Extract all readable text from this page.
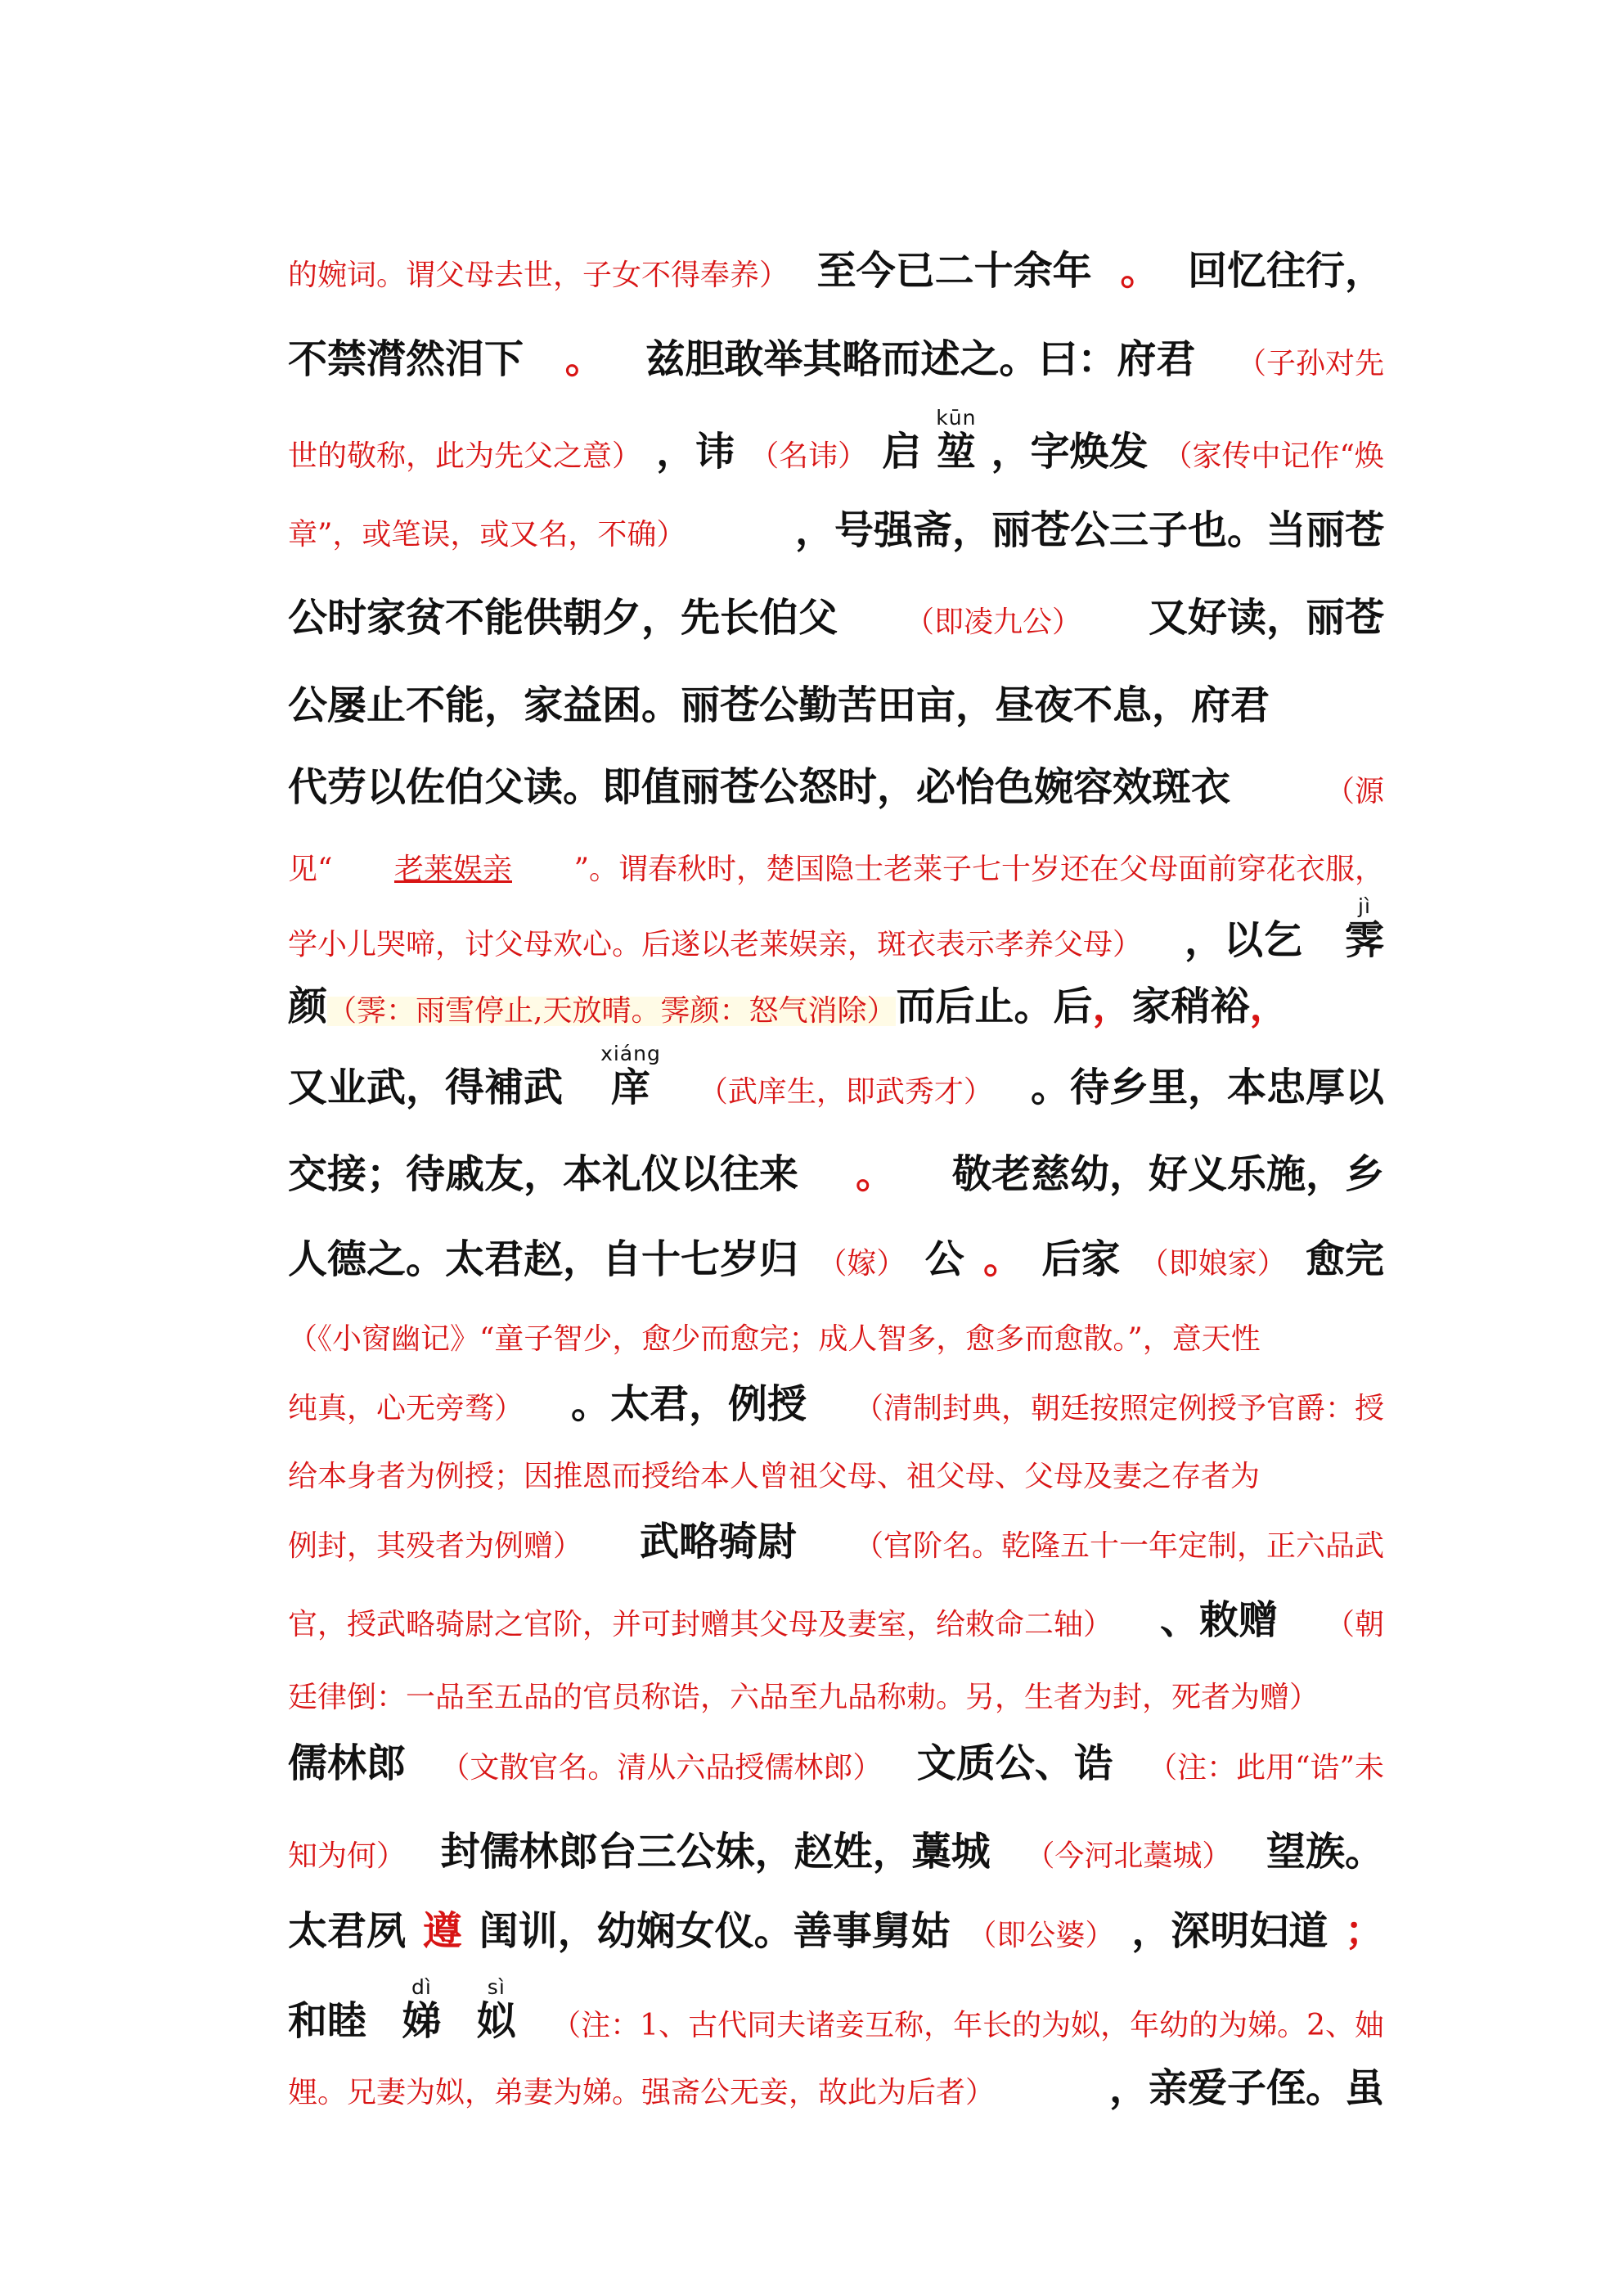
的婉词。谓父母去世，子女不得奉养） 至今已二十余年 。 回忆往行，
不禁潸然泪下 。 兹胆敢举其略而述之。曰：府君 （子孙对先
世的敬称，此为先父之意） ，讳 （名讳） 启 堃kūn
，字焕发 （家传中记作“焕
章”，或笔误，或又名，不确）	，号强斋，丽苍公三子也。当丽苍
公时家贫不能供朝夕，先长伯父 （即凌九公） 又好读，丽苍
公屡止不能，家益困。丽苍公勤苦田亩，昼夜不息，府君
代劳以佐伯父读。即值丽苍公怒时，必怡色婉容效斑衣	（源
见“ 老莱娱亲 ”。谓春秋时，楚国隐士老莱子七十岁还在父母面前穿花衣服，
学小儿哭啼，讨父母欢心。后遂以老莱娱亲，斑衣表示孝养父母） ，以乞 霁jì
颜 （霁：雨雪停止,天放晴。霁颜：怒气消除） 而后止。后 ， 家稍裕 ，
又业武，得補武 庠xiáng
（武庠生，即武秀才） 。待乡里，本忠厚以
交接；待戚友，本礼仪以往来 。 敬老慈幼，好义乐施，乡
人德之。太君赵，自十七岁归 （嫁） 公 。 后家 （即娘家） 愈完
（《小窗幽记》“童子智少，愈少而愈完；成人智多，愈多而愈散。”，意天性
纯真，心无旁骛） 。太君，例授 （清制封典，朝廷按照定例授予官爵：授
给本身者为例授；因推恩而授给本人曾祖父母、祖父母、父母及妻之存者为
例封，其殁者为例赠） 武略骑尉 （官阶名。乾隆五十一年定制，正六品武
官，授武略骑尉之官阶，并可封赠其父母及妻室，给敕命二轴） 、敕赠 （朝
廷律倒：一品至五品的官员称诰，六品至九品称勅。另，生者为封，死者为赠）
儒林郎 （文散官名。清从六品授儒林郎） 文质公、诰 （注：此用“诰”未
知为何） 封儒林郎台三公妹，赵姓，藁城 （今河北藁城） 望族。
太君夙 遵 闺训，幼娴女仪。善事舅姑 （即公婆） ，深明妇道 ；
和睦 娣dì
姒sì
（注：1、古代同夫诸妾互称，年长的为姒，年幼的为娣。2、妯
娌。兄妻为姒，弟妻为娣。强斋公无妾，故此为后者）	，亲爱子侄。虽
